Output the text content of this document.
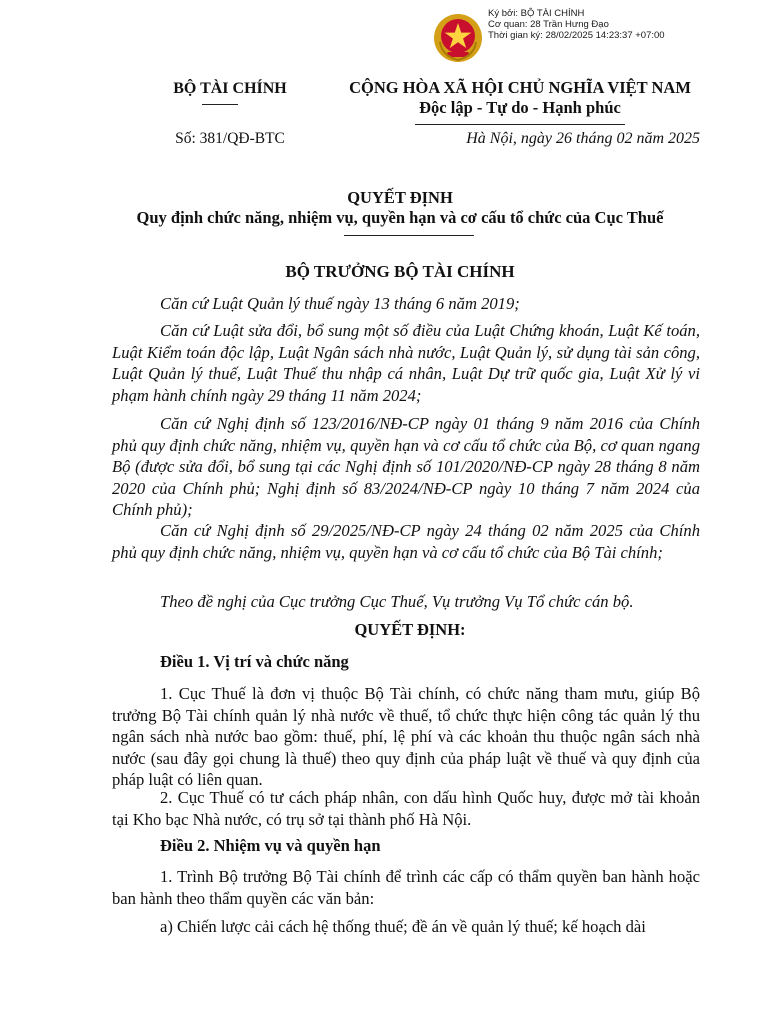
Ký bởi: BỘ TÀI CHÍNH
Cơ quan: 28 Trần Hưng Đạo
Thời gian ký: 28/02/2025 14:23:37 +07:00
BỘ TÀI CHÍNH	CỘNG HÒA XÃ HỘI CHỦ NGHĨA VIỆT NAM
Độc lập - Tự do - Hạnh phúc
Số: 381/QĐ-BTC	Hà Nội, ngày 26 tháng 02 năm 2025
QUYẾT ĐỊNH
Quy định chức năng, nhiệm vụ, quyền hạn và cơ cấu tổ chức của Cục Thuế
BỘ TRƯỞNG BỘ TÀI CHÍNH
Căn cứ Luật Quản lý thuế ngày 13 tháng 6 năm 2019;
Căn cứ Luật sửa đổi, bổ sung một số điều của Luật Chứng khoán, Luật Kế toán, Luật Kiểm toán độc lập, Luật Ngân sách nhà nước, Luật Quản lý, sử dụng tài sản công, Luật Quản lý thuế, Luật Thuế thu nhập cá nhân, Luật Dự trữ quốc gia, Luật Xử lý vi phạm hành chính ngày 29 tháng 11 năm 2024;
Căn cứ Nghị định số 123/2016/NĐ-CP ngày 01 tháng 9 năm 2016 của Chính phủ quy định chức năng, nhiệm vụ, quyền hạn và cơ cấu tổ chức của Bộ, cơ quan ngang Bộ (được sửa đổi, bổ sung tại các Nghị định số 101/2020/NĐ-CP ngày 28 tháng 8 năm 2020 của Chính phủ; Nghị định số 83/2024/NĐ-CP ngày 10 tháng 7 năm 2024 của Chính phủ);
Căn cứ Nghị định số 29/2025/NĐ-CP ngày 24 tháng 02 năm 2025 của Chính phủ quy định chức năng, nhiệm vụ, quyền hạn và cơ cấu tổ chức của Bộ Tài chính;
Theo đề nghị của Cục trưởng Cục Thuế, Vụ trưởng Vụ Tổ chức cán bộ.
QUYẾT ĐỊNH:
Điều 1. Vị trí và chức năng
1. Cục Thuế là đơn vị thuộc Bộ Tài chính, có chức năng tham mưu, giúp Bộ trưởng Bộ Tài chính quản lý nhà nước về thuế, tổ chức thực hiện công tác quản lý thu ngân sách nhà nước bao gồm: thuế, phí, lệ phí và các khoản thu thuộc ngân sách nhà nước (sau đây gọi chung là thuế) theo quy định của pháp luật về thuế và quy định của pháp luật có liên quan.
2. Cục Thuế có tư cách pháp nhân, con dấu hình Quốc huy, được mở tài khoản tại Kho bạc Nhà nước, có trụ sở tại thành phố Hà Nội.
Điều 2. Nhiệm vụ và quyền hạn
1. Trình Bộ trưởng Bộ Tài chính để trình các cấp có thẩm quyền ban hành hoặc ban hành theo thẩm quyền các văn bản:
a) Chiến lược cải cách hệ thống thuế; đề án về quản lý thuế; kế hoạch dài
